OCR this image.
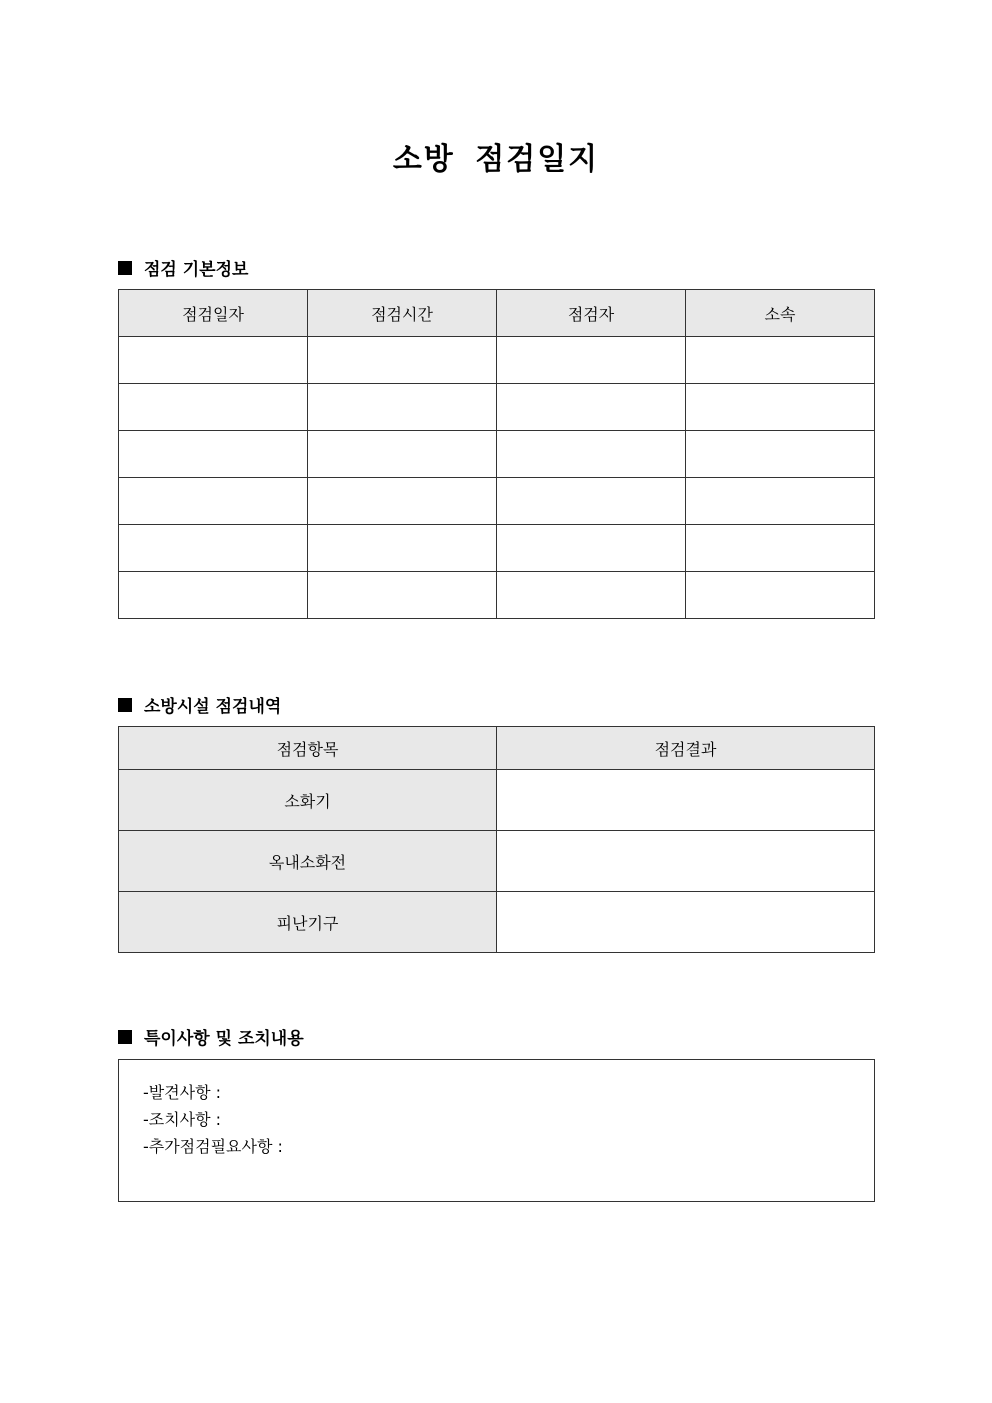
소방 점검일지
점검 기본정보
점검일자	점검시간	점검자	소속

소방시설 점검내역
점검항목	점검결과
소화기	
옥내소화전	
피난기구	
특이사항 및 조치내용
-발견사항 :
-조치사항 :
-추가점검필요사항 :
